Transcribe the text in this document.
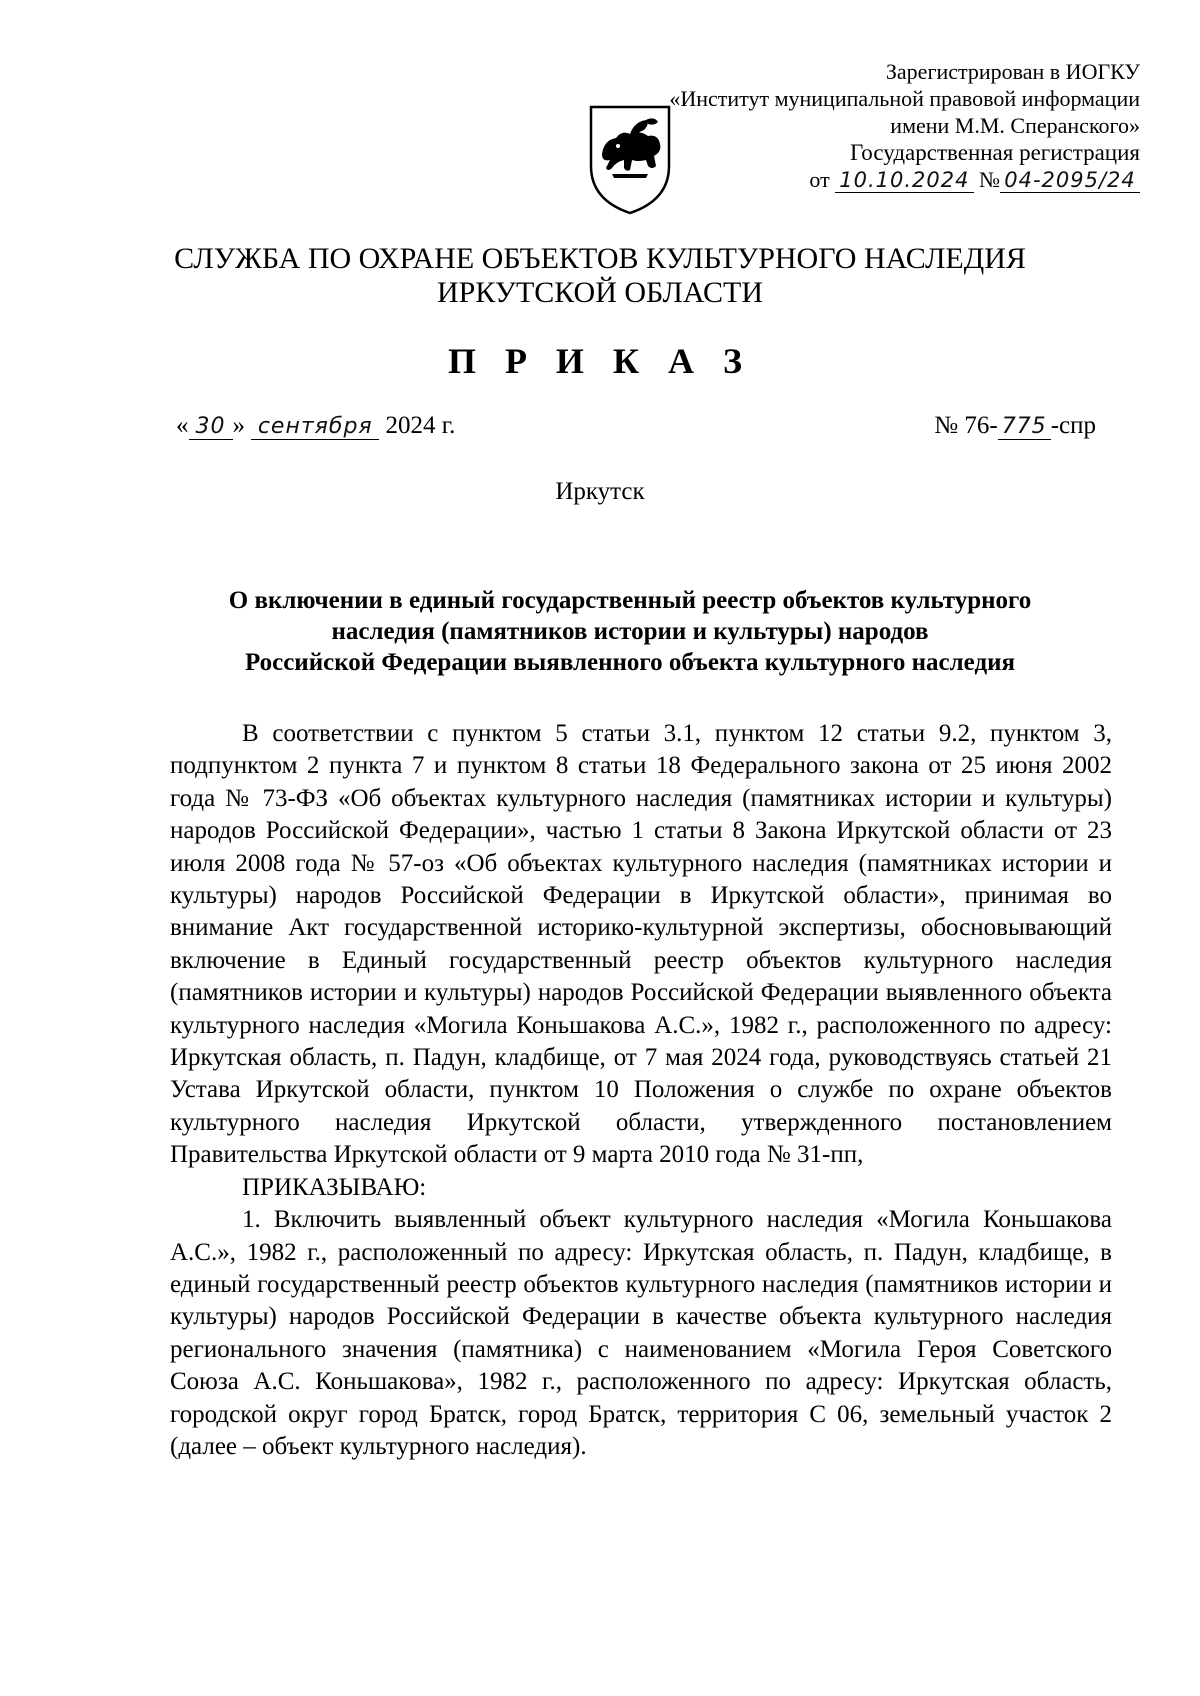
Зарегистрирован в ИОГКУ
«Институт муниципальной правовой информации
имени М.М. Сперанского»
Государственная регистрация
от 10.10.2024 № 04-2095/24
СЛУЖБА ПО ОХРАНЕ ОБЪЕКТОВ КУЛЬТУРНОГО НАСЛЕДИЯ
ИРКУТСКОЙ ОБЛАСТИ
П Р И К А З
« 30 » сентября 2024 г.	№ 76- 775 -спр
Иркутск
О включении в единый государственный реестр объектов культурного
наследия (памятников истории и культуры) народов
Российской Федерации выявленного объекта культурного наследия

В соответствии с пунктом 5 статьи 3.1, пунктом 12 статьи 9.2, пунктом 3, подпунктом 2 пункта 7 и пунктом 8 статьи 18 Федерального закона от 25 июня 2002 года № 73-ФЗ «Об объектах культурного наследия (памятниках истории и культуры) народов Российской Федерации», частью 1 статьи 8 Закона Иркутской области от 23 июля 2008 года № 57-оз «Об объектах культурного наследия (памятниках истории и культуры) народов Российской Федерации в Иркутской области», принимая во внимание Акт государственной историко-культурной экспертизы, обосновывающий включение в Единый государственный реестр объектов культурного наследия (памятников истории и культуры) народов Российской Федерации выявленного объекта культурного наследия «Могила Коньшакова А.С.», 1982 г., расположенного по адресу: Иркутская область, п. Падун, кладбище, от 7 мая 2024 года, руководствуясь статьей 21 Устава Иркутской области, пунктом 10 Положения о службе по охране объектов культурного наследия Иркутской области, утвержденного постановлением Правительства Иркутской области от 9 марта 2010 года № 31-пп,

ПРИКАЗЫВАЮ:

1. Включить выявленный объект культурного наследия «Могила Коньшакова А.С.», 1982 г., расположенный по адресу: Иркутская область, п. Падун, кладбище, в единый государственный реестр объектов культурного наследия (памятников истории и культуры) народов Российской Федерации в качестве объекта культурного наследия регионального значения (памятника) с наименованием «Могила Героя Советского Союза А.С. Коньшакова», 1982 г., расположенного по адресу: Иркутская область, городской округ город Братск, город Братск, территория С 06, земельный участок 2 (далее – объект культурного наследия).
